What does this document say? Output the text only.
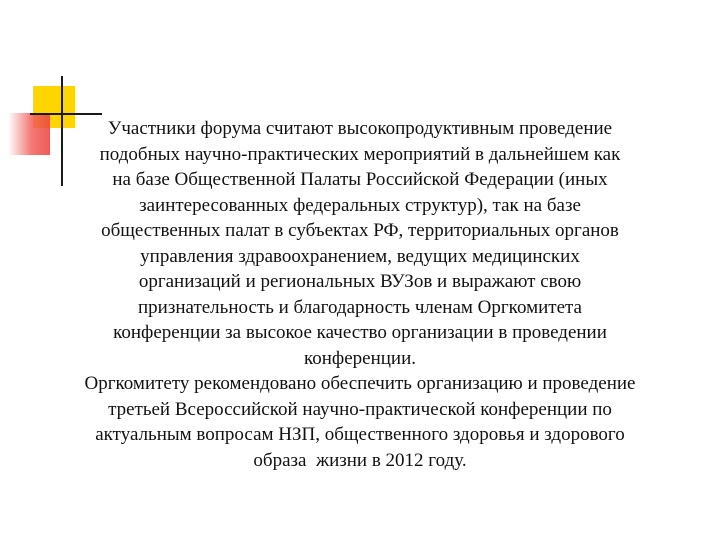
Участники форума считают высокопродуктивным проведение
подобных научно-практических мероприятий в дальнейшем как
на базе Общественной Палаты Российской Федерации (иных
заинтересованных федеральных структур), так на базе
общественных палат в субъектах РФ, территориальных органов
управления здравоохранением, ведущих медицинских
организаций и региональных ВУЗов и выражают свою
признательность и благодарность членам Оргкомитета
конференции за высокое качество организации в проведении
конференции.
Оргкомитету рекомендовано обеспечить организацию и проведение
третьей Всероссийской научно-практической конференции по
актуальным вопросам НЗП, общественного здоровья и здорового
образа  жизни в 2012 году.
